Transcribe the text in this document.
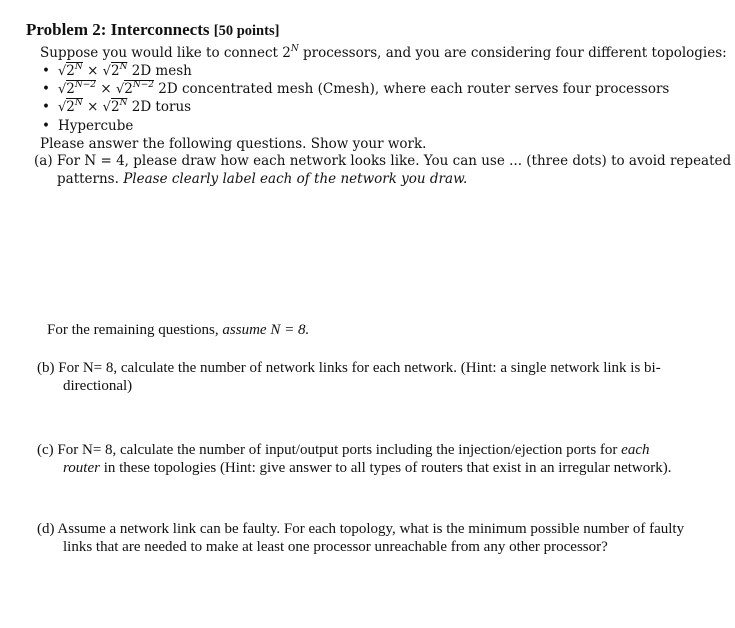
Problem 2: Interconnects [50 points]
Suppose you would like to connect $2^N$ processors, and you are considering four different topologies:
• $√2^N \times √2^N$ 2D mesh
• $√2^{N-2} \times √2^{N-2}$ 2D concentrated mesh (Cmesh), where each router serves four processors
• $√2^N \times √2^N$ 2D torus
• Hypercube
Please answer the following questions. Show your work.
(a) For N = 4, please draw how each network looks like. You can use ... (three dots) to avoid repeated
patterns. Please clearly label each of the network you draw.
For the remaining questions, assume N = 8.
(b) For N= 8, calculate the number of network links for each network. (Hint: a single network link is bi-
directional)
(c) For N= 8, calculate the number of input/output ports including the injection/ejection ports for each
router in these topologies (Hint: give answer to all types of routers that exist in an irregular network).
(d) Assume a network link can be faulty. For each topology, what is the minimum possible number of faulty
links that are needed to make at least one processor unreachable from any other processor?
